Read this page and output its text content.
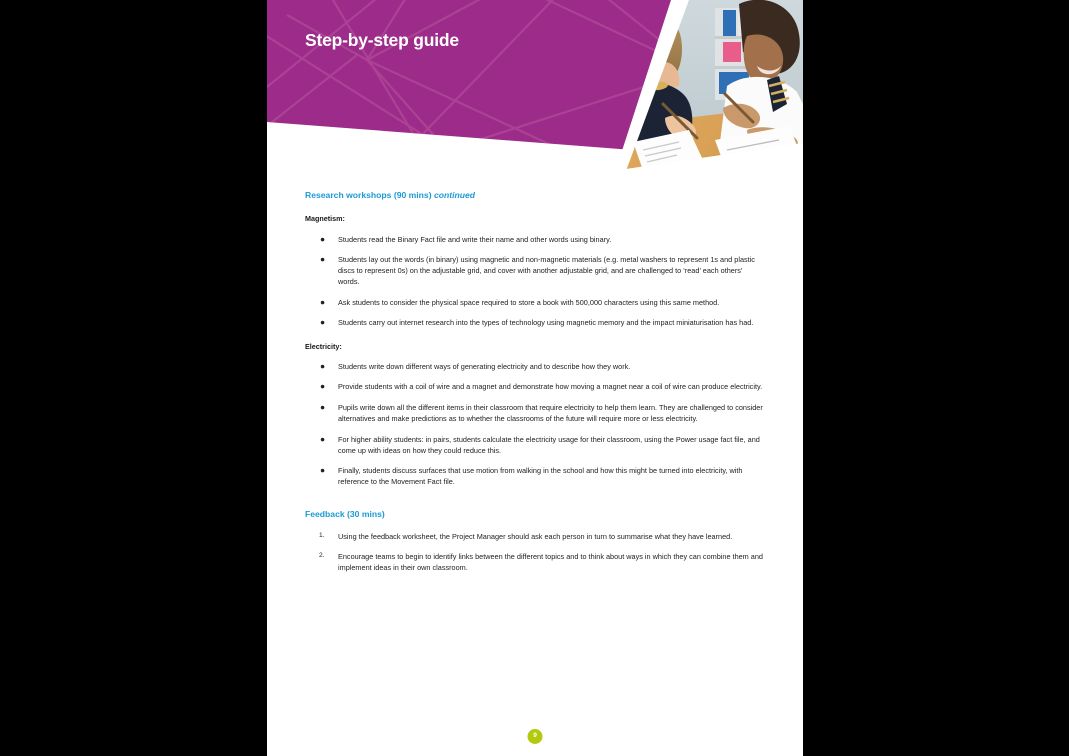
Step-by-step guide
Research workshops (90 mins) continued
Magnetism:
● Students read the Binary Fact file and write their name and other words using binary.
● Students lay out the words (in binary) using magnetic and non-magnetic materials (e.g. metal washers to represent 1s and plastic discs to represent 0s) on the adjustable grid, and cover with another adjustable grid, and are challenged to ‘read’ each others’ words.
● Ask students to consider the physical space required to store a book with 500,000 characters using this same method.
● Students carry out internet research into the types of technology using magnetic memory and the impact miniaturisation has had.
Electricity:
● Students write down different ways of generating electricity and to describe how they work.
● Provide students with a coil of wire and a magnet and demonstrate how moving a magnet near a coil of wire can produce electricity.
● Pupils write down all the different items in their classroom that require electricity to help them learn. They are challenged to consider alternatives and make predictions as to whether the classrooms of the future will require more or less electricity.
● For higher ability students: in pairs, students calculate the electricity usage for their classroom, using the Power usage fact file, and come up with ideas on how they could reduce this.
● Finally, students discuss surfaces that use motion from walking in the school and how this might be turned into electricity, with reference to the Movement Fact file.
Feedback (30 mins)
1. Using the feedback worksheet, the Project Manager should ask each person in turn to summarise what they have learned.
2. Encourage teams to begin to identify links between the different topics and to think about ways in which they can combine them and implement ideas in their own classroom.
9
